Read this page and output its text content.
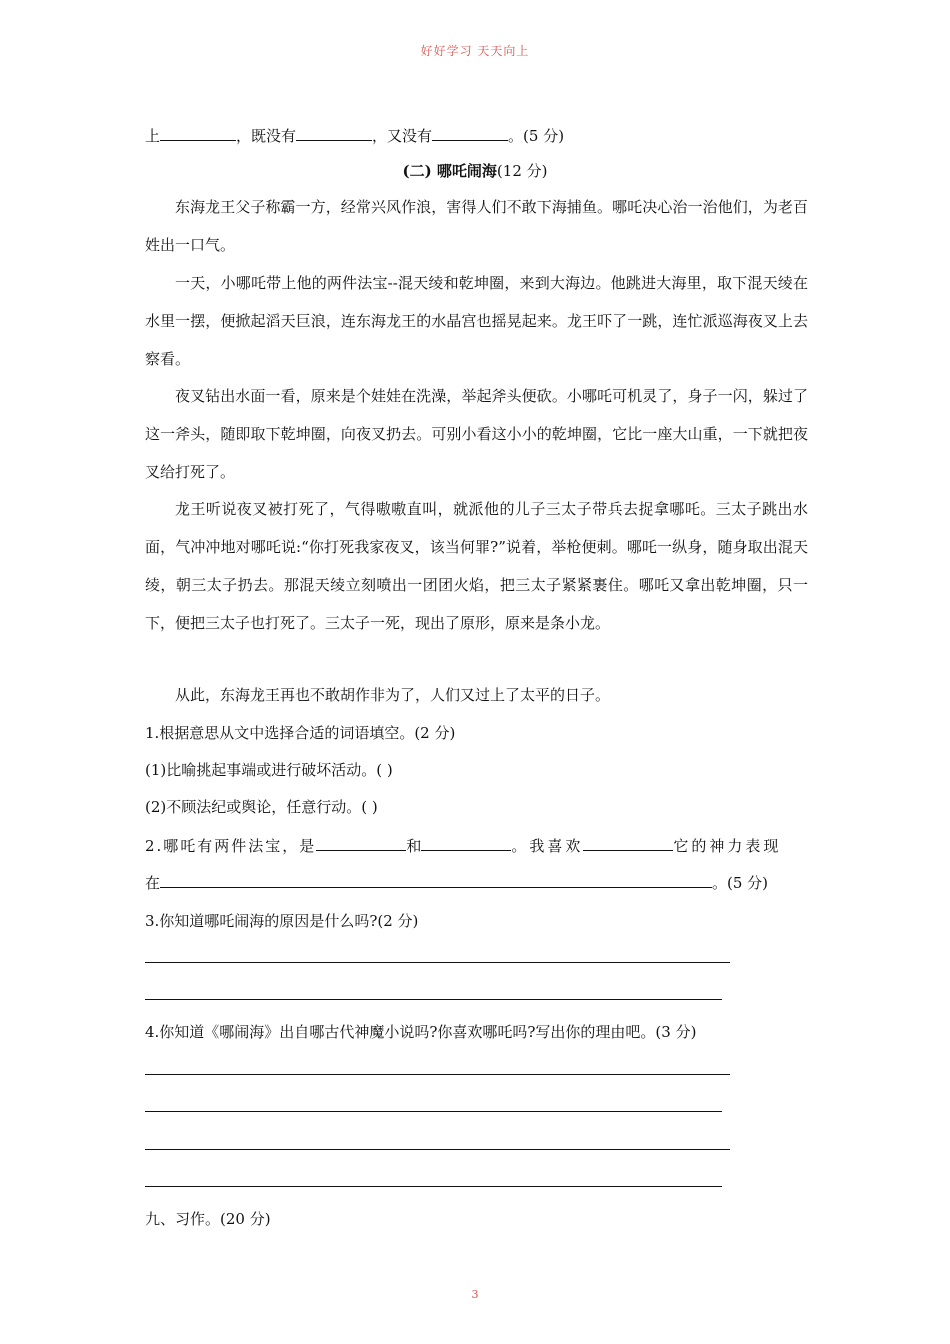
好好学习 天天向上
上	，既没有	，又没有	。(5 分)
(二) 哪吒闹海(12 分)
东海龙王父子称霸一方，经常兴风作浪，害得人们不敢下海捕鱼。哪吒决心治一治他们，为老百姓出一口气。
一天，小哪吒带上他的两件法宝--混天绫和乾坤圈，来到大海边。他跳进大海里，取下混天绫在水里一摆，便掀起滔天巨浪，连东海龙王的水晶宫也摇晃起来。龙王吓了一跳，连忙派巡海夜叉上去察看。
夜叉钻出水面一看，原来是个娃娃在洗澡，举起斧头便砍。小哪吒可机灵了，身子一闪，躲过了这一斧头，随即取下乾坤圈，向夜叉扔去。可别小看这小小的乾坤圈，它比一座大山重，一下就把夜叉给打死了。
龙王听说夜叉被打死了，气得嗷嗷直叫，就派他的儿子三太子带兵去捉拿哪吒。三太子跳出水面，气冲冲地对哪吒说:“你打死我家夜叉，该当何罪?”说着，举枪便刺。哪吒一纵身，随身取出混天绫，朝三太子扔去。那混天绫立刻喷出一团团火焰，把三太子紧紧裹住。哪吒又拿出乾坤圈，只一下，便把三太子也打死了。三太子一死，现出了原形，原来是条小龙。
从此，东海龙王再也不敢胡作非为了，人们又过上了太平的日子。
1.根据意思从文中选择合适的词语填空。(2 分)
(1)比喻挑起事端或进行破坏活动。( )
(2)不顾法纪或舆论，任意行动。( )
2.哪吒有两件法宝，是	和	。我喜欢	它的神力表现
在	。(5 分)
3.你知道哪吒闹海的原因是什么吗?(2 分)
4.你知道《哪闹海》出自哪古代神魔小说吗?你喜欢哪吒吗?写出你的理由吧。(3 分)
九、习作。(20 分)
3
